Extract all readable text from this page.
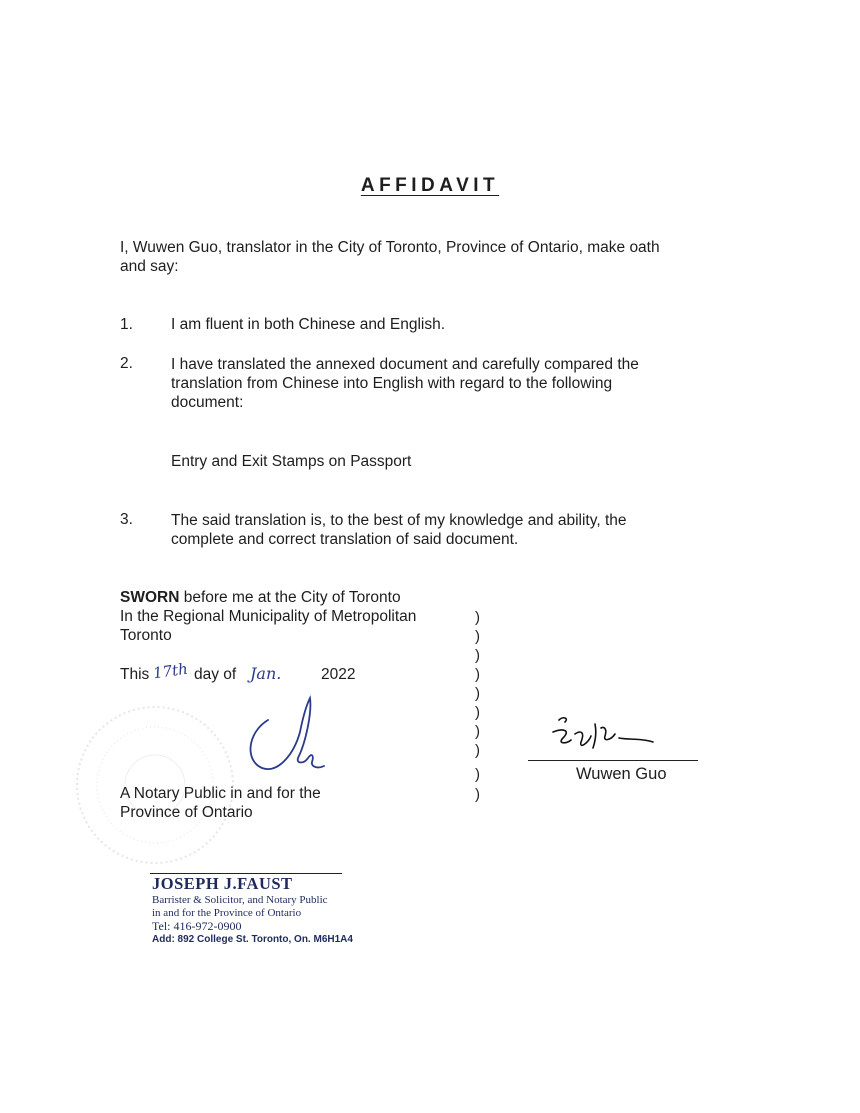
AFFIDAVIT
I, Wuwen Guo, translator in the City of Toronto, Province of Ontario, make oath
and say:
1. I am fluent in both Chinese and English.
2. I have translated the annexed document and carefully compared the
translation from Chinese into English with regard to the following
document:
Entry and Exit Stamps on Passport
3. The said translation is, to the best of my knowledge and ability, the
complete and correct translation of said document.
SWORN before me at the City of Toronto
In the Regional Municipality of Metropolitan
Toronto
This 17th day of Jan.	2022
)
)
)
)
)
)
)
)
)
)
A Notary Public in and for the
Province of Ontario
Wuwen Guo
JOSEPH J.FAUST
Barrister & Solicitor, and Notary Public
in and for the Province of Ontario
Tel: 416-972-0900
Add: 892 College St. Toronto, On. M6H1A4
